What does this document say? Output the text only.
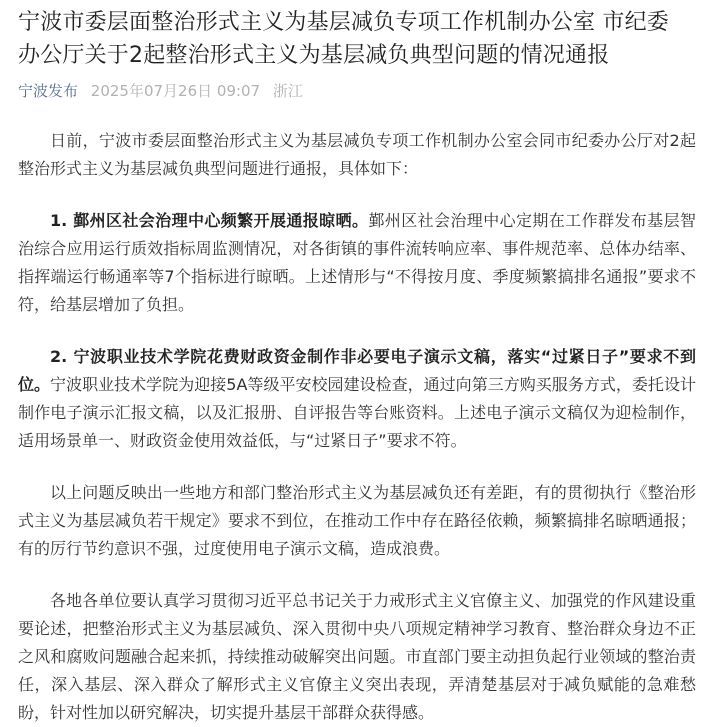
宁波市委层面整治形式主义为基层减负专项工作机制办公室 市纪委
办公厅关于2起整治形式主义为基层减负典型问题的情况通报
宁波发布 2025年07月26日 09:07 浙江

日前，宁波市委层面整治形式主义为基层减负专项工作机制办公室会同市纪委办公厅对2起整治形式主义为基层减负典型问题进行通报，具体如下：

1. 鄞州区社会治理中心频繁开展通报晾晒。鄞州区社会治理中心定期在工作群发布基层智治综合应用运行质效指标周监测情况，对各街镇的事件流转响应率、事件规范率、总体办结率、指挥端运行畅通率等7个指标进行晾晒。上述情形与“不得按月度、季度频繁搞排名通报”要求不符，给基层增加了负担。

2. 宁波职业技术学院花费财政资金制作非必要电子演示文稿，落实“过紧日子”要求不到位。宁波职业技术学院为迎接5A等级平安校园建设检查，通过向第三方购买服务方式，委托设计制作电子演示汇报文稿，以及汇报册、自评报告等台账资料。上述电子演示文稿仅为迎检制作，适用场景单一、财政资金使用效益低，与“过紧日子”要求不符。

以上问题反映出一些地方和部门整治形式主义为基层减负还有差距，有的贯彻执行《整治形式主义为基层减负若干规定》要求不到位，在推动工作中存在路径依赖，频繁搞排名晾晒通报；有的厉行节约意识不强，过度使用电子演示文稿，造成浪费。

各地各单位要认真学习贯彻习近平总书记关于力戒形式主义官僚主义、加强党的作风建设重要论述，把整治形式主义为基层减负、深入贯彻中央八项规定精神学习教育、整治群众身边不正之风和腐败问题融合起来抓，持续推动破解突出问题。市直部门要主动担负起行业领域的整治责任，深入基层、深入群众了解形式主义官僚主义突出表现，弄清楚基层对于减负赋能的急难愁盼，针对性加以研究解决，切实提升基层干部群众获得感。
